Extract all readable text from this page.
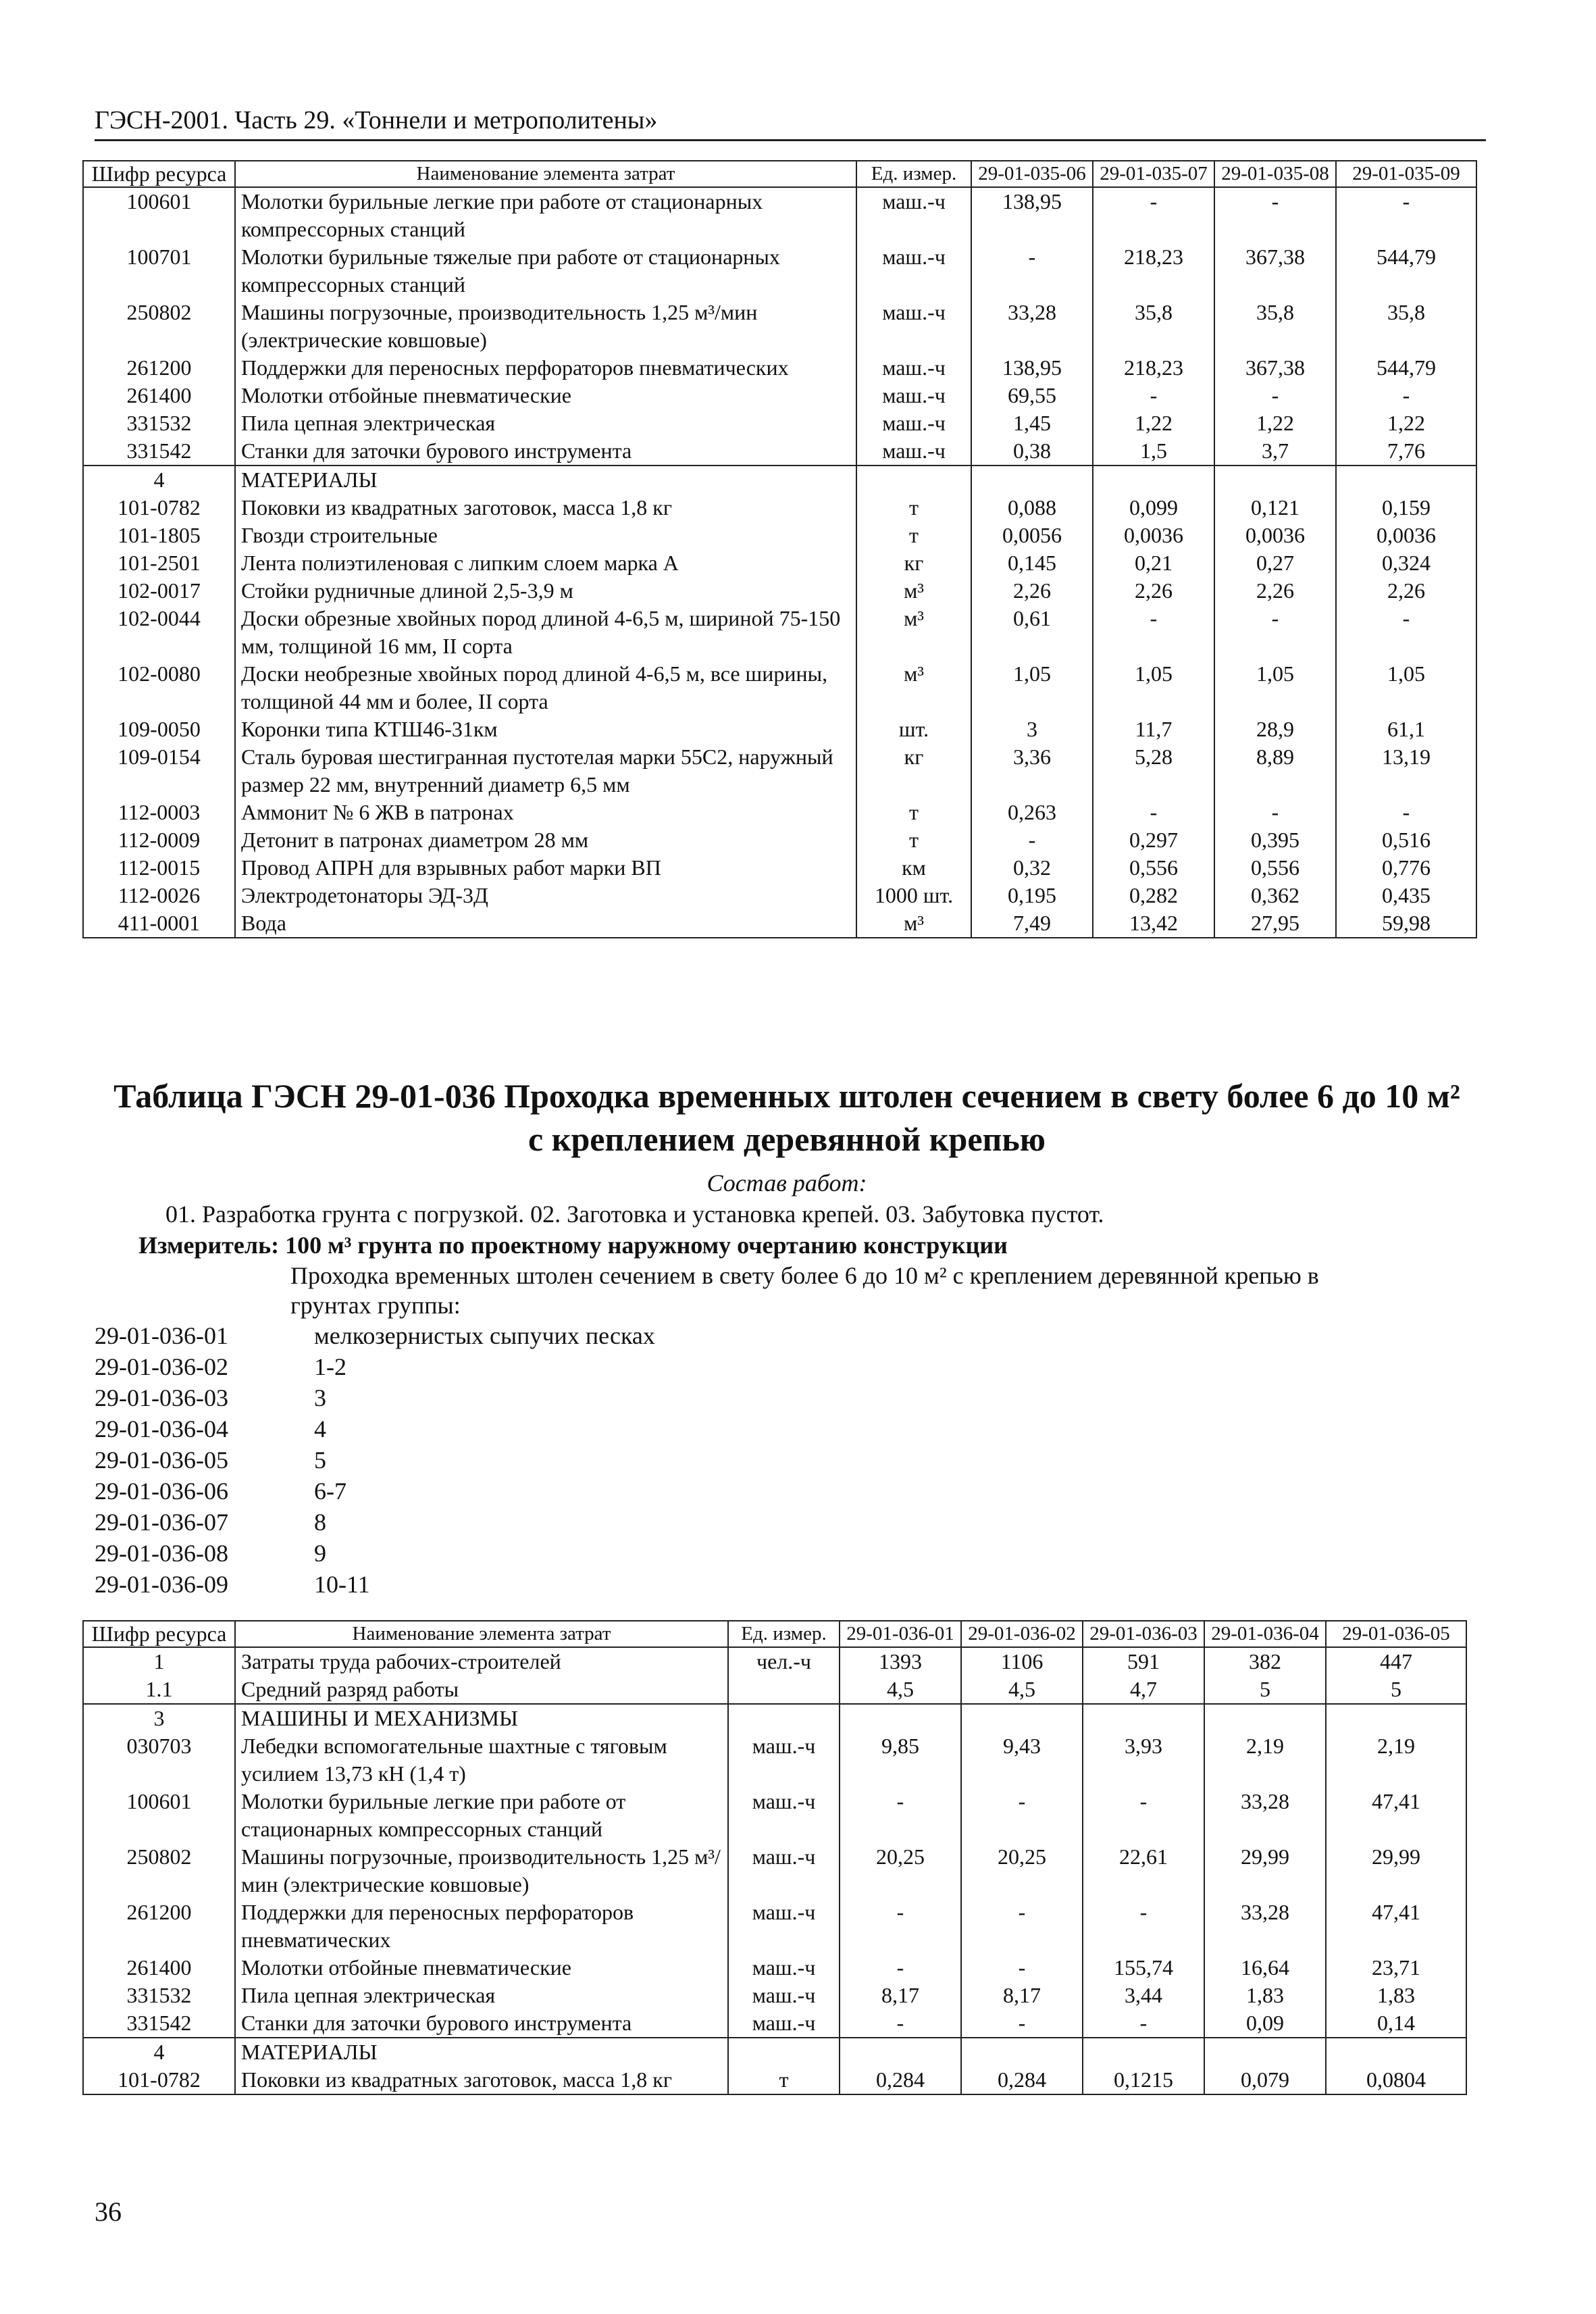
ГЭСН-2001. Часть 29. «Тоннели и метрополитены»
Шифр ресурса	Наименование элемента затрат	Ед. измер.	29-01-035-06	29-01-035-07	29-01-035-08	29-01-035-09
100601	Молотки бурильные легкие при работе от стационарных компрессорных станций	маш.-ч	138,95	-	-	-
100701	Молотки бурильные тяжелые при работе от стационарных компрессорных станций	маш.-ч	-	218,23	367,38	544,79
250802	Машины погрузочные, производительность 1,25 м³/мин (электрические ковшовые)	маш.-ч	33,28	35,8	35,8	35,8
261200	Поддержки для переносных перфораторов пневматических	маш.-ч	138,95	218,23	367,38	544,79
261400	Молотки отбойные пневматические	маш.-ч	69,55	-	-	-
331532	Пила цепная электрическая	маш.-ч	1,45	1,22	1,22	1,22
331542	Станки для заточки бурового инструмента	маш.-ч	0,38	1,5	3,7	7,76
4	МАТЕРИАЛЫ					
101-0782	Поковки из квадратных заготовок, масса 1,8 кг	т	0,088	0,099	0,121	0,159
101-1805	Гвозди строительные	т	0,0056	0,0036	0,0036	0,0036
101-2501	Лента полиэтиленовая с липким слоем марка А	кг	0,145	0,21	0,27	0,324
102-0017	Стойки рудничные длиной 2,5-3,9 м	м³	2,26	2,26	2,26	2,26
102-0044	Доски обрезные хвойных пород длиной 4-6,5 м, шириной 75-150 мм, толщиной 16 мм, II сорта	м³	0,61	-	-	-
102-0080	Доски необрезные хвойных пород длиной 4-6,5 м, все ширины, толщиной 44 мм и более, II сорта	м³	1,05	1,05	1,05	1,05
109-0050	Коронки типа КТШ46-31км	шт.	3	11,7	28,9	61,1
109-0154	Сталь буровая шестигранная пустотелая марки 55С2, наружный размер 22 мм, внутренний диаметр 6,5 мм	кг	3,36	5,28	8,89	13,19
112-0003	Аммонит № 6 ЖВ в патронах	т	0,263	-	-	-
112-0009	Детонит в патронах диаметром 28 мм	т	-	0,297	0,395	0,516
112-0015	Провод АПРН для взрывных работ марки ВП	км	0,32	0,556	0,556	0,776
112-0026	Электродетонаторы ЭД-3Д	1000 шт.	0,195	0,282	0,362	0,435
411-0001	Вода	м³	7,49	13,42	27,95	59,98
Таблица ГЭСН 29-01-036 Проходка временных штолен сечением в свету более 6 до 10 м²
с креплением деревянной крепью
Состав работ:
01. Разработка грунта с погрузкой. 02. Заготовка и установка крепей. 03. Забутовка пустот.
Измеритель: 100 м³ грунта по проектному наружному очертанию конструкции
Проходка временных штолен сечением в свету более 6 до 10 м² с креплением деревянной крепью в грунтах группы:
29-01-036-01	мелкозернистых сыпучих песках
29-01-036-02	1-2
29-01-036-03	3
29-01-036-04	4
29-01-036-05	5
29-01-036-06	6-7
29-01-036-07	8
29-01-036-08	9
29-01-036-09	10-11
Шифр ресурса	Наименование элемента затрат	Ед. измер.	29-01-036-01	29-01-036-02	29-01-036-03	29-01-036-04	29-01-036-05
1	Затраты труда рабочих-строителей	чел.-ч	1393	1106	591	382	447
1.1	Средний разряд работы		4,5	4,5	4,7	5	5
3	МАШИНЫ И МЕХАНИЗМЫ						
030703	Лебедки вспомогательные шахтные с тяговым усилием 13,73 кН (1,4 т)	маш.-ч	9,85	9,43	3,93	2,19	2,19
100601	Молотки бурильные легкие при работе от стационарных компрессорных станций	маш.-ч	-	-	-	33,28	47,41
250802	Машины погрузочные, производительность 1,25 м³/мин (электрические ковшовые)	маш.-ч	20,25	20,25	22,61	29,99	29,99
261200	Поддержки для переносных перфораторов пневматических	маш.-ч	-	-	-	33,28	47,41
261400	Молотки отбойные пневматические	маш.-ч	-	-	155,74	16,64	23,71
331532	Пила цепная электрическая	маш.-ч	8,17	8,17	3,44	1,83	1,83
331542	Станки для заточки бурового инструмента	маш.-ч	-	-	-	0,09	0,14
4	МАТЕРИАЛЫ						
101-0782	Поковки из квадратных заготовок, масса 1,8 кг	т	0,284	0,284	0,1215	0,079	0,0804
36
